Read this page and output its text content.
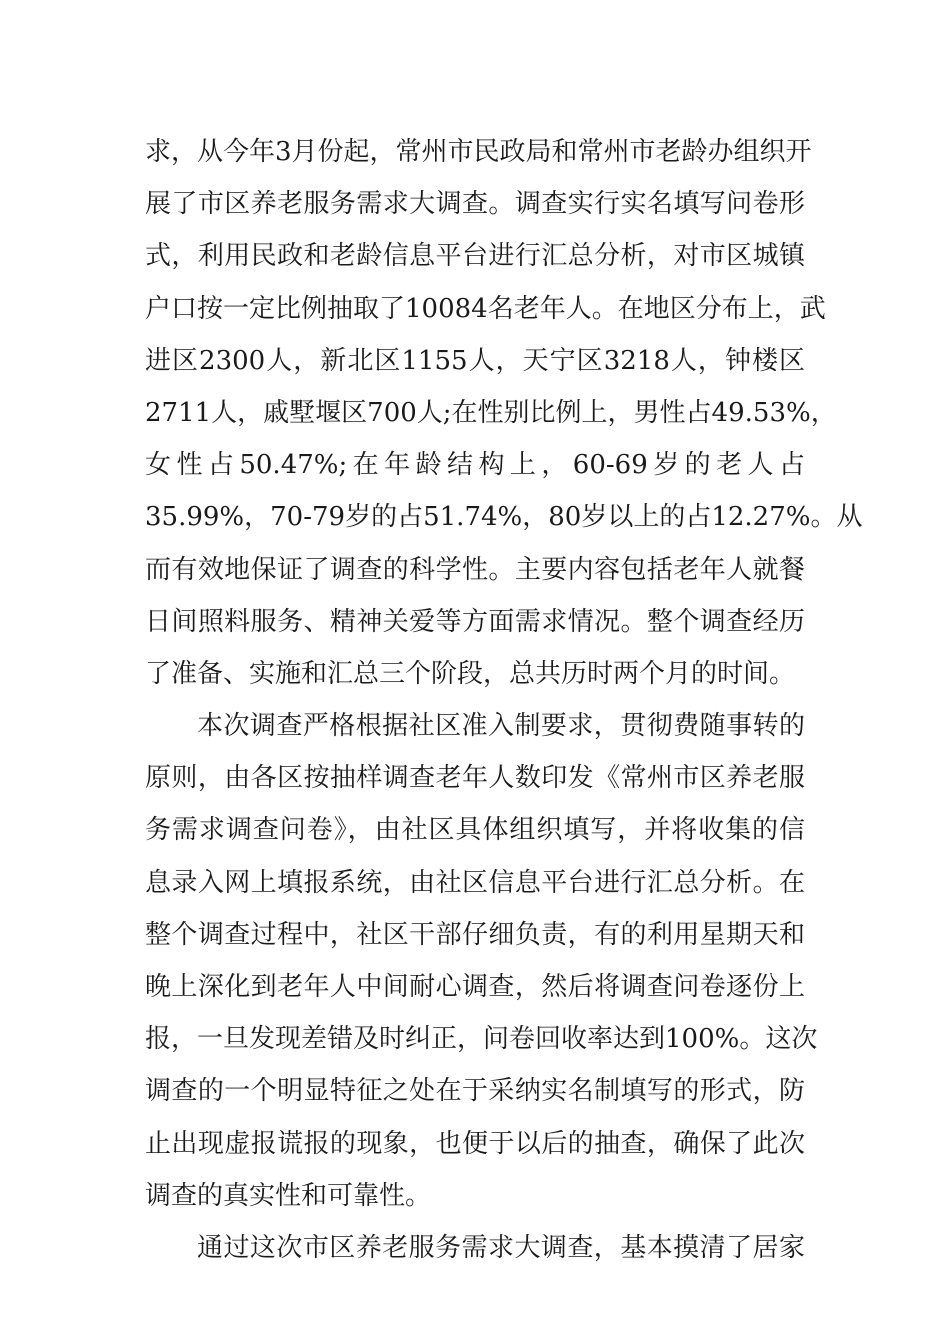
求，从今年3月份起，常州市民政局和常州市老龄办组织开
展了市区养老服务需求大调查。调查实行实名填写问卷形
式，利用民政和老龄信息平台进行汇总分析，对市区城镇
户口按一定比例抽取了10084名老年人。在地区分布上，武
进区2300人，新北区1155人，天宁区3218人，钟楼区
2711人，戚墅堰区700人;在性别比例上，男性占49.53%，
女性占50.47%;在年龄结构上，60-69岁的老人占
35.99%，70-79岁的占51.74%，80岁以上的占12.27%。从
而有效地保证了调查的科学性。主要内容包括老年人就餐
日间照料服务、精神关爱等方面需求情况。整个调查经历
了准备、实施和汇总三个阶段，总共历时两个月的时间。
本次调查严格根据社区准入制要求，贯彻费随事转的
原则，由各区按抽样调查老年人数印发《常州市区养老服
务需求调查问卷》，由社区具体组织填写，并将收集的信
息录入网上填报系统，由社区信息平台进行汇总分析。在
整个调查过程中，社区干部仔细负责，有的利用星期天和
晚上深化到老年人中间耐心调查，然后将调查问卷逐份上
报，一旦发现差错及时纠正，问卷回收率达到100%。这次
调查的一个明显特征之处在于采纳实名制填写的形式，防
止出现虚报谎报的现象，也便于以后的抽查，确保了此次
调查的真实性和可靠性。
通过这次市区养老服务需求大调查，基本摸清了居家
